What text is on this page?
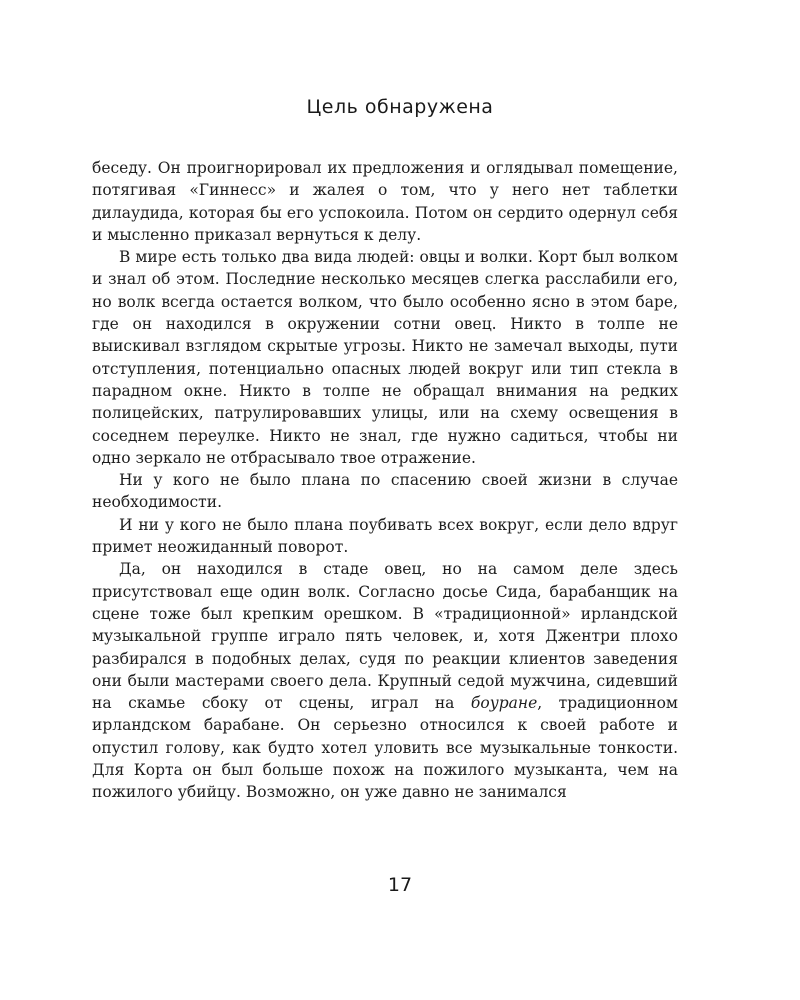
Цель обнаружена

беседу. Он проигнорировал их предложения и оглядывал помещение, потягивая «Гиннесс» и жалея о том, что у него нет таблетки дилаудида, которая бы его успокоила. Потом он сердито одернул себя и мысленно приказал вернуться к делу.

В мире есть только два вида людей: овцы и волки. Корт был волком и знал об этом. Последние несколько месяцев слегка расслабили его, но волк всегда остается волком, что было особенно ясно в этом баре, где он находился в окружении сотни овец. Никто в толпе не выискивал взглядом скрытые угрозы. Никто не замечал выходы, пути отступления, потенциально опасных людей вокруг или тип стекла в парадном окне. Никто в толпе не обращал внимания на редких полицейских, патрулировавших улицы, или на схему освещения в соседнем переулке. Никто не знал, где нужно садиться, чтобы ни одно зеркало не отбрасывало твое отражение.

Ни у кого не было плана по спасению своей жизни в случае необходимости.

И ни у кого не было плана поубивать всех вокруг, если дело вдруг примет неожиданный поворот.

Да, он находился в стаде овец, но на самом деле здесь присутствовал еще один волк. Согласно досье Сида, барабанщик на сцене тоже был крепким орешком. В «традиционной» ирландской музыкальной группе играло пять человек, и, хотя Джентри плохо разбирался в подобных делах, судя по реакции клиентов заведения они были мастерами своего дела. Крупный седой мужчина, сидевший на скамье сбоку от сцены, играл на боуране, традиционном ирландском барабане. Он серьезно относился к своей работе и опустил голову, как будто хотел уловить все музыкальные тонкости. Для Корта он был больше похож на пожилого музыканта, чем на пожилого убийцу. Возможно, он уже давно не занимался

17
